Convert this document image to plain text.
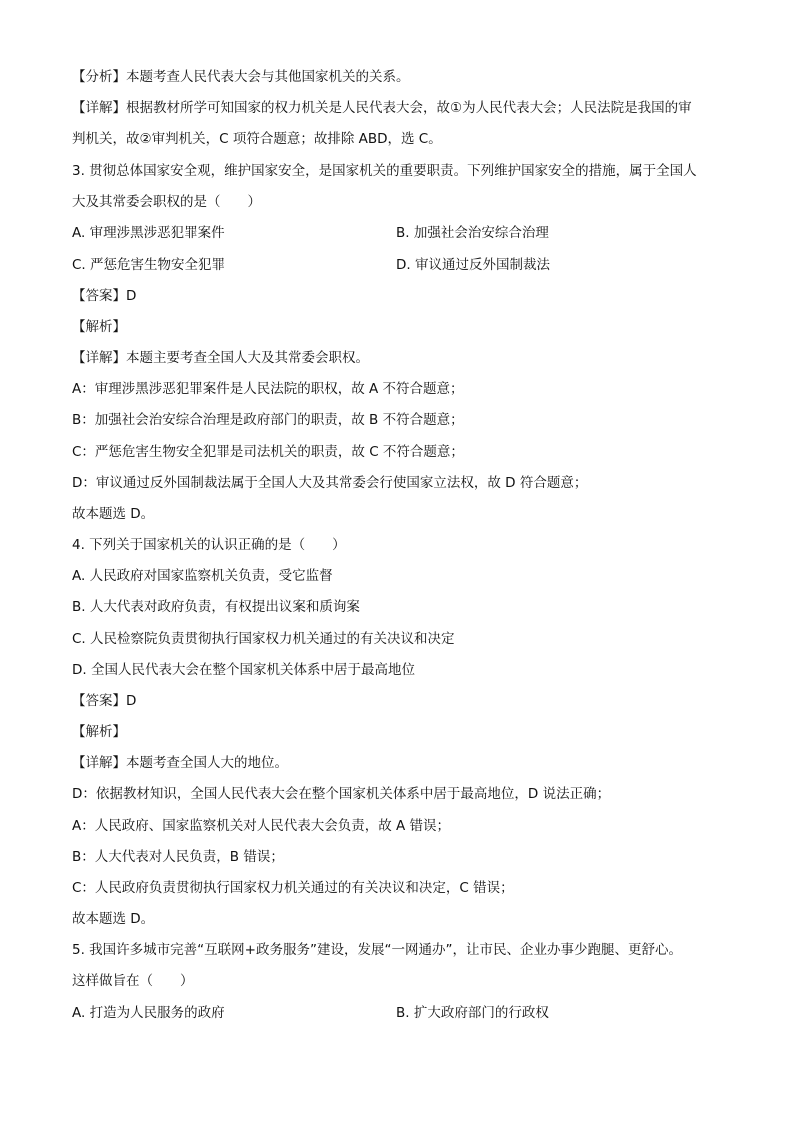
【分析】本题考查人民代表大会与其他国家机关的关系。
【详解】根据教材所学可知国家的权力机关是人民代表大会，故①为人民代表大会；人民法院是我国的审
判机关，故②审判机关，C 项符合题意；故排除 ABD，选 C。
3. 贯彻总体国家安全观，维护国家安全，是国家机关的重要职责。下列维护国家安全的措施，属于全国人
大及其常委会职权的是（　　）
A. 审理涉黑涉恶犯罪案件	B. 加强社会治安综合治理
C. 严惩危害生物安全犯罪	D. 审议通过反外国制裁法
【答案】D
【解析】
【详解】本题主要考查全国人大及其常委会职权。
A：审理涉黑涉恶犯罪案件是人民法院的职权，故 A 不符合题意；
B：加强社会治安综合治理是政府部门的职责，故 B 不符合题意；
C：严惩危害生物安全犯罪是司法机关的职责，故 C 不符合题意；
D：审议通过反外国制裁法属于全国人大及其常委会行使国家立法权，故 D 符合题意；
故本题选 D。
4. 下列关于国家机关的认识正确的是（　　）
A. 人民政府对国家监察机关负责，受它监督
B. 人大代表对政府负责，有权提出议案和质询案
C. 人民检察院负责贯彻执行国家权力机关通过的有关决议和决定
D. 全国人民代表大会在整个国家机关体系中居于最高地位
【答案】D
【解析】
【详解】本题考查全国人大的地位。
D：依据教材知识，全国人民代表大会在整个国家机关体系中居于最高地位，D 说法正确；
A：人民政府、国家监察机关对人民代表大会负责，故 A 错误；
B：人大代表对人民负责，B 错误；
C：人民政府负责贯彻执行国家权力机关通过的有关决议和决定，C 错误；
故本题选 D。
5. 我国许多城市完善“互联网+政务服务”建设，发展“一网通办”，让市民、企业办事少跑腿、更舒心。
这样做旨在（　　）
A. 打造为人民服务的政府	B. 扩大政府部门的行政权
